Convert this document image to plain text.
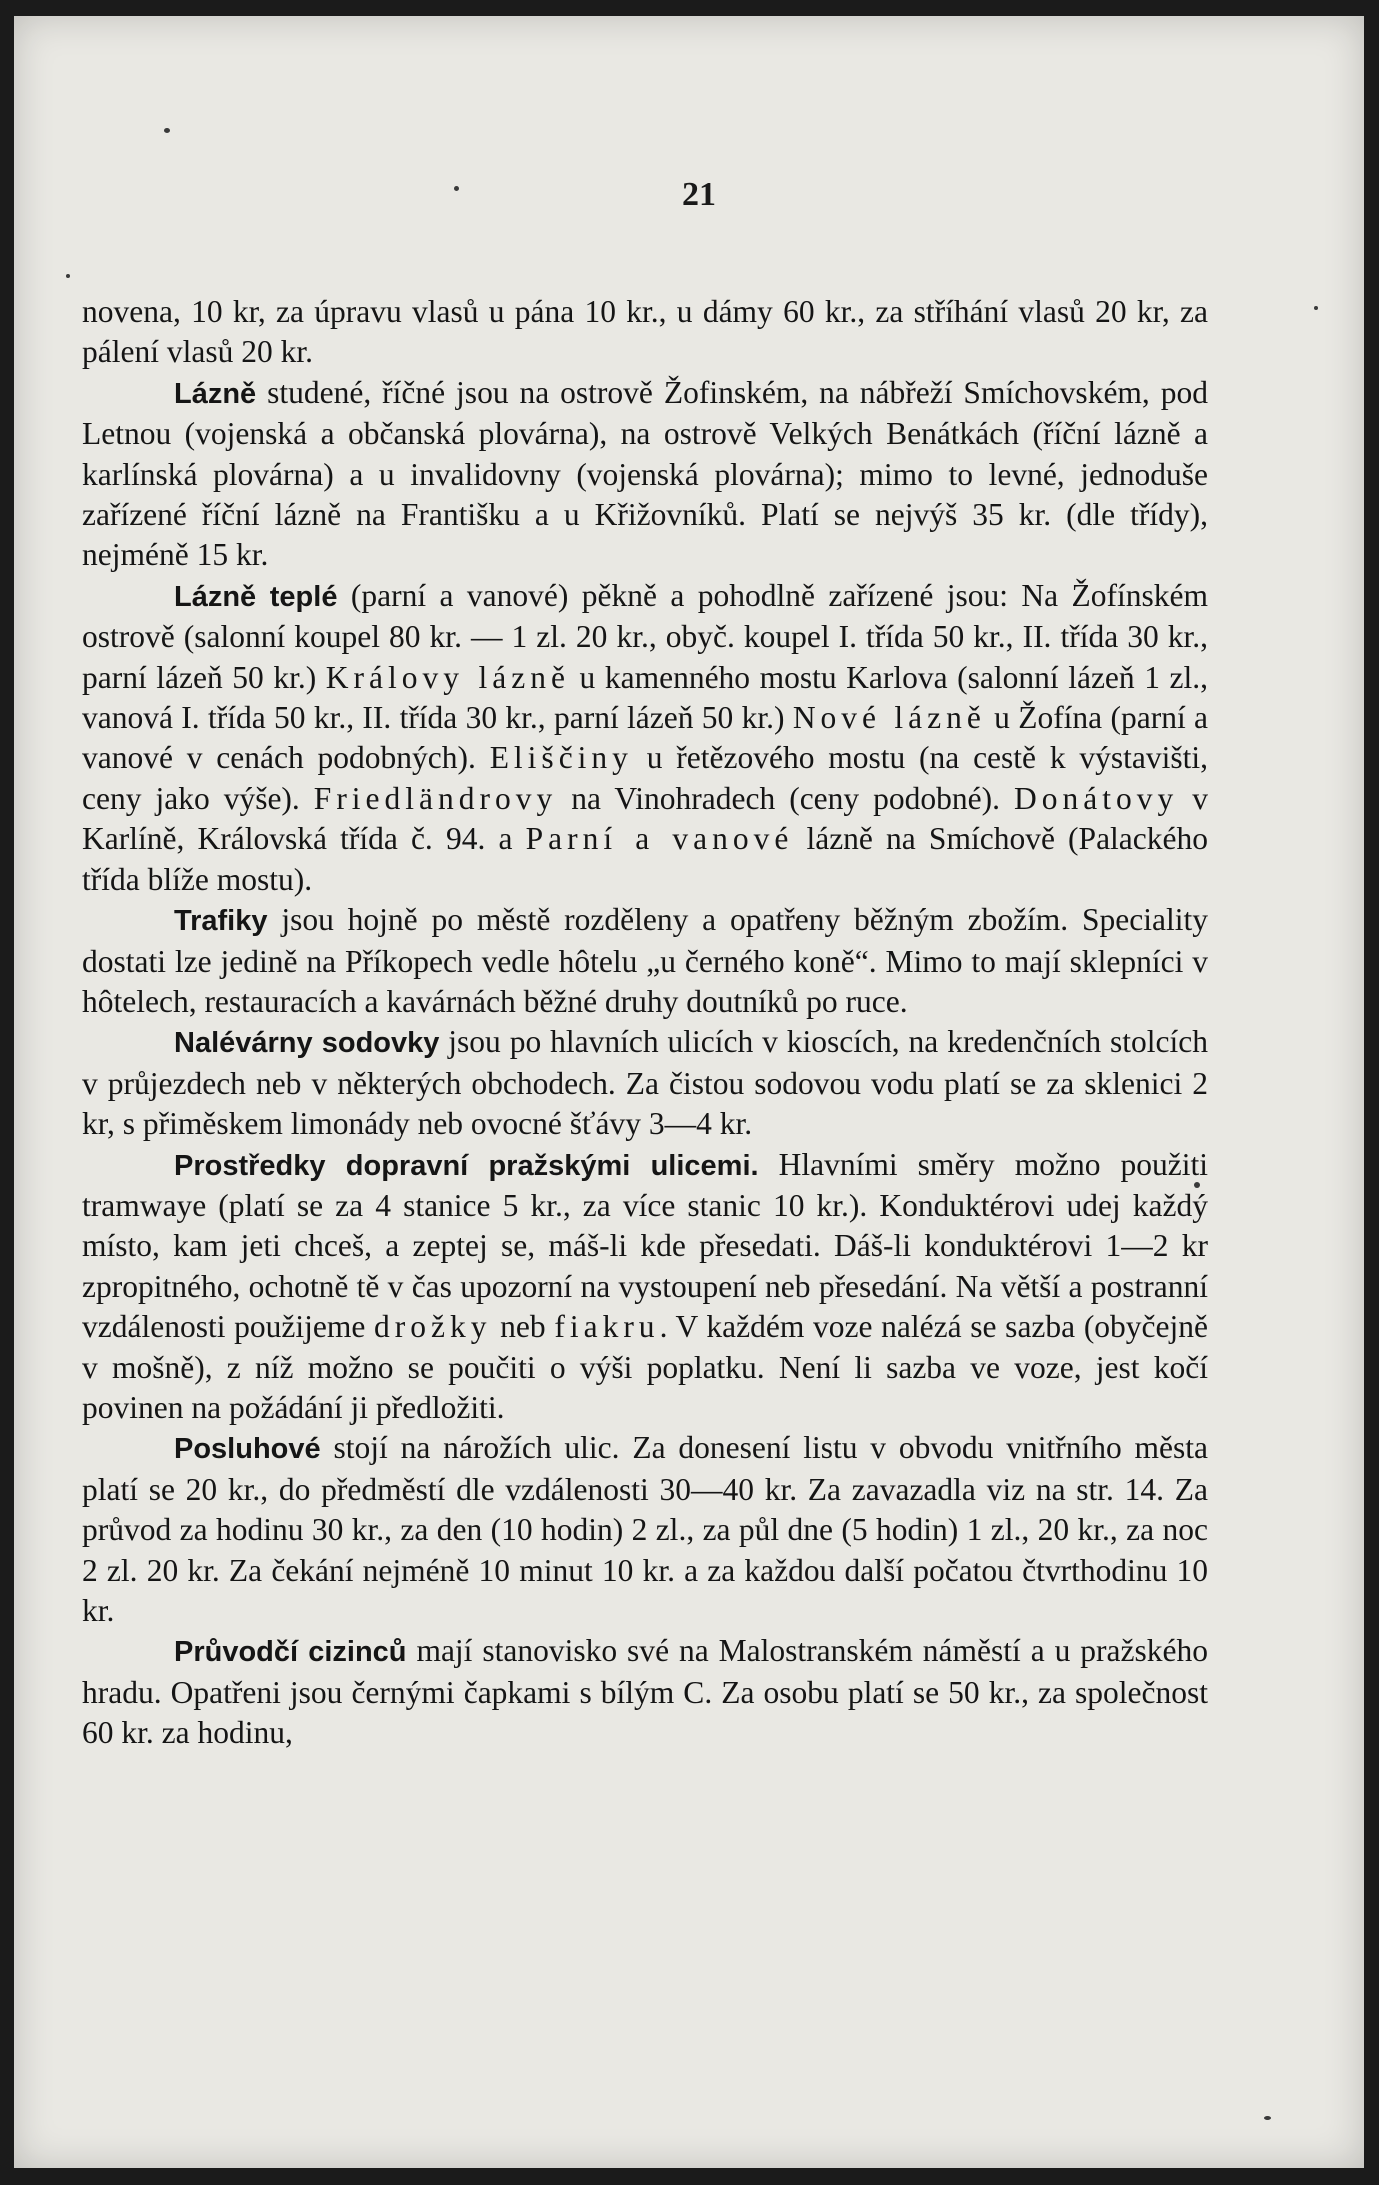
21

novena, 10 kr, za úpravu vlasů u pána 10 kr., u dámy 60 kr., za stříhání vlasů 20 kr, za pálení vlasů 20 kr.

Lázně studené, říčné jsou na ostrově Žofinském, na nábřeží Smíchovském, pod Letnou (vojenská a občanská plovárna), na ostrově Velkých Benátkách (říční lázně a karlínská plovárna) a u invalidovny (vojenská plovárna); mimo to levné, jednoduše zařízené říční lázně na Františku a u Křižovníků. Platí se nejvýš 35 kr. (dle třídy), nejméně 15 kr.

Lázně teplé (parní a vanové) pěkně a pohodlně zařízené jsou: Na Žofínském ostrově (salonní koupel 80 kr. — 1 zl. 20 kr., obyč. koupel I. třída 50 kr., II. třída 30 kr., parní lázeň 50 kr.) Královy lázně u kamenného mostu Karlova (salonní lázeň 1 zl., vanová I. třída 50 kr., II. třída 30 kr., parní lázeň 50 kr.) Nové lázně u Žofína (parní a vanové v cenách podobných). Eliščiny u řetězového mostu (na cestě k výstavišti, ceny jako výše). Friedländrovy na Vinohradech (ceny podobné). Donátovy v Karlíně, Královská třída č. 94. a Parní a vanové lázně na Smíchově (Palackého třída blíže mostu).

Trafiky jsou hojně po městě rozděleny a opatřeny běžným zbožím. Speciality dostati lze jedině na Příkopech vedle hôtelu „u černého koně“. Mimo to mají sklepníci v hôtelech, restauracích a kavárnách běžné druhy doutníků po ruce.

Nalévárny sodovky jsou po hlavních ulicích v kioscích, na kredenčních stolcích v průjezdech neb v některých obchodech. Za čistou sodovou vodu platí se za sklenici 2 kr, s přiměskem limonády neb ovocné šťávy 3—4 kr.

Prostředky dopravní pražskými ulicemi. Hlavními směry možno použiti tramwaye (platí se za 4 stanice 5 kr., za více stanic 10 kr.). Konduktérovi udej každý místo, kam jeti chceš, a zeptej se, máš-li kde přesedati. Dáš-li konduktérovi 1—2 kr zpropitného, ochotně tě v čas upozorní na vystoupení neb přesedání. Na větší a postranní vzdálenosti použijeme drožky neb fiakru. V každém voze nalézá se sazba (obyčejně v mošně), z níž možno se poučiti o výši poplatku. Není li sazba ve voze, jest kočí povinen na požádání ji předložiti.

Posluhové stojí na nárožích ulic. Za donesení listu v obvodu vnitřního města platí se 20 kr., do předměstí dle vzdálenosti 30—40 kr. Za zavazadla viz na str. 14. Za průvod za hodinu 30 kr., za den (10 hodin) 2 zl., za půl dne (5 hodin) 1 zl., 20 kr., za noc 2 zl. 20 kr. Za čekání nejméně 10 minut 10 kr. a za každou další počatou čtvrthodinu 10 kr.

Průvodčí cizinců mají stanovisko své na Malostranském náměstí a u pražského hradu. Opatřeni jsou černými čapkami s bílým C. Za osobu platí se 50 kr., za společnost 60 kr. za hodinu,
